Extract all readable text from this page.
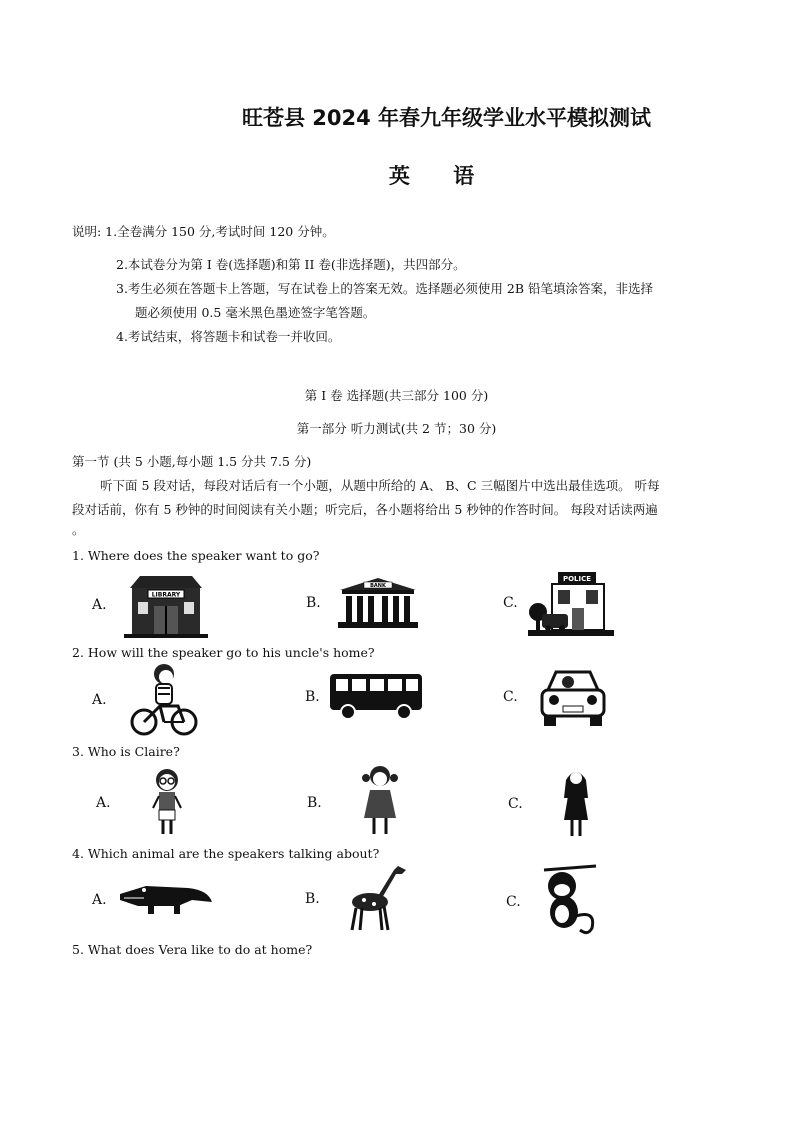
旺苍县 2024 年春九年级学业水平模拟测试
英 语
说明: 1.全卷满分 150 分,考试时间 120 分钟。
2.本试卷分为第 I 卷(选择题)和第 II 卷(非选择题)，共四部分。
3.考生必须在答题卡上答题，写在试卷上的答案无效。选择题必须使用 2B 铅笔填涂答案，非选择
题必须使用 0.5 毫米黑色墨迹签字笔答题。
4.考试结束，将答题卡和试卷一并收回。
第 I 卷 选择题(共三部分 100 分)
第一部分 听力测试(共 2 节；30 分)
第一节 (共 5 小题,每小题 1.5 分共 7.5 分)
听下面 5 段对话，每段对话后有一个小题，从题中所给的 A、 B、C 三幅图片中选出最佳选项。 听每
段对话前，你有 5 秒钟的时间阅读有关小题；听完后，各小题将给出 5 秒钟的作答时间。 每段对话读两遍
。
1. Where does the speaker want to go?
A.
LIBRARY	B.
BANK
C.
POLICE
2. How will the speaker go to his uncle's home?
A.	B.	C.
3. Who is Claire?
A.	B.	C.
4. Which animal are the speakers talking about?
A.	B.	C.
5. What does Vera like to do at home?
